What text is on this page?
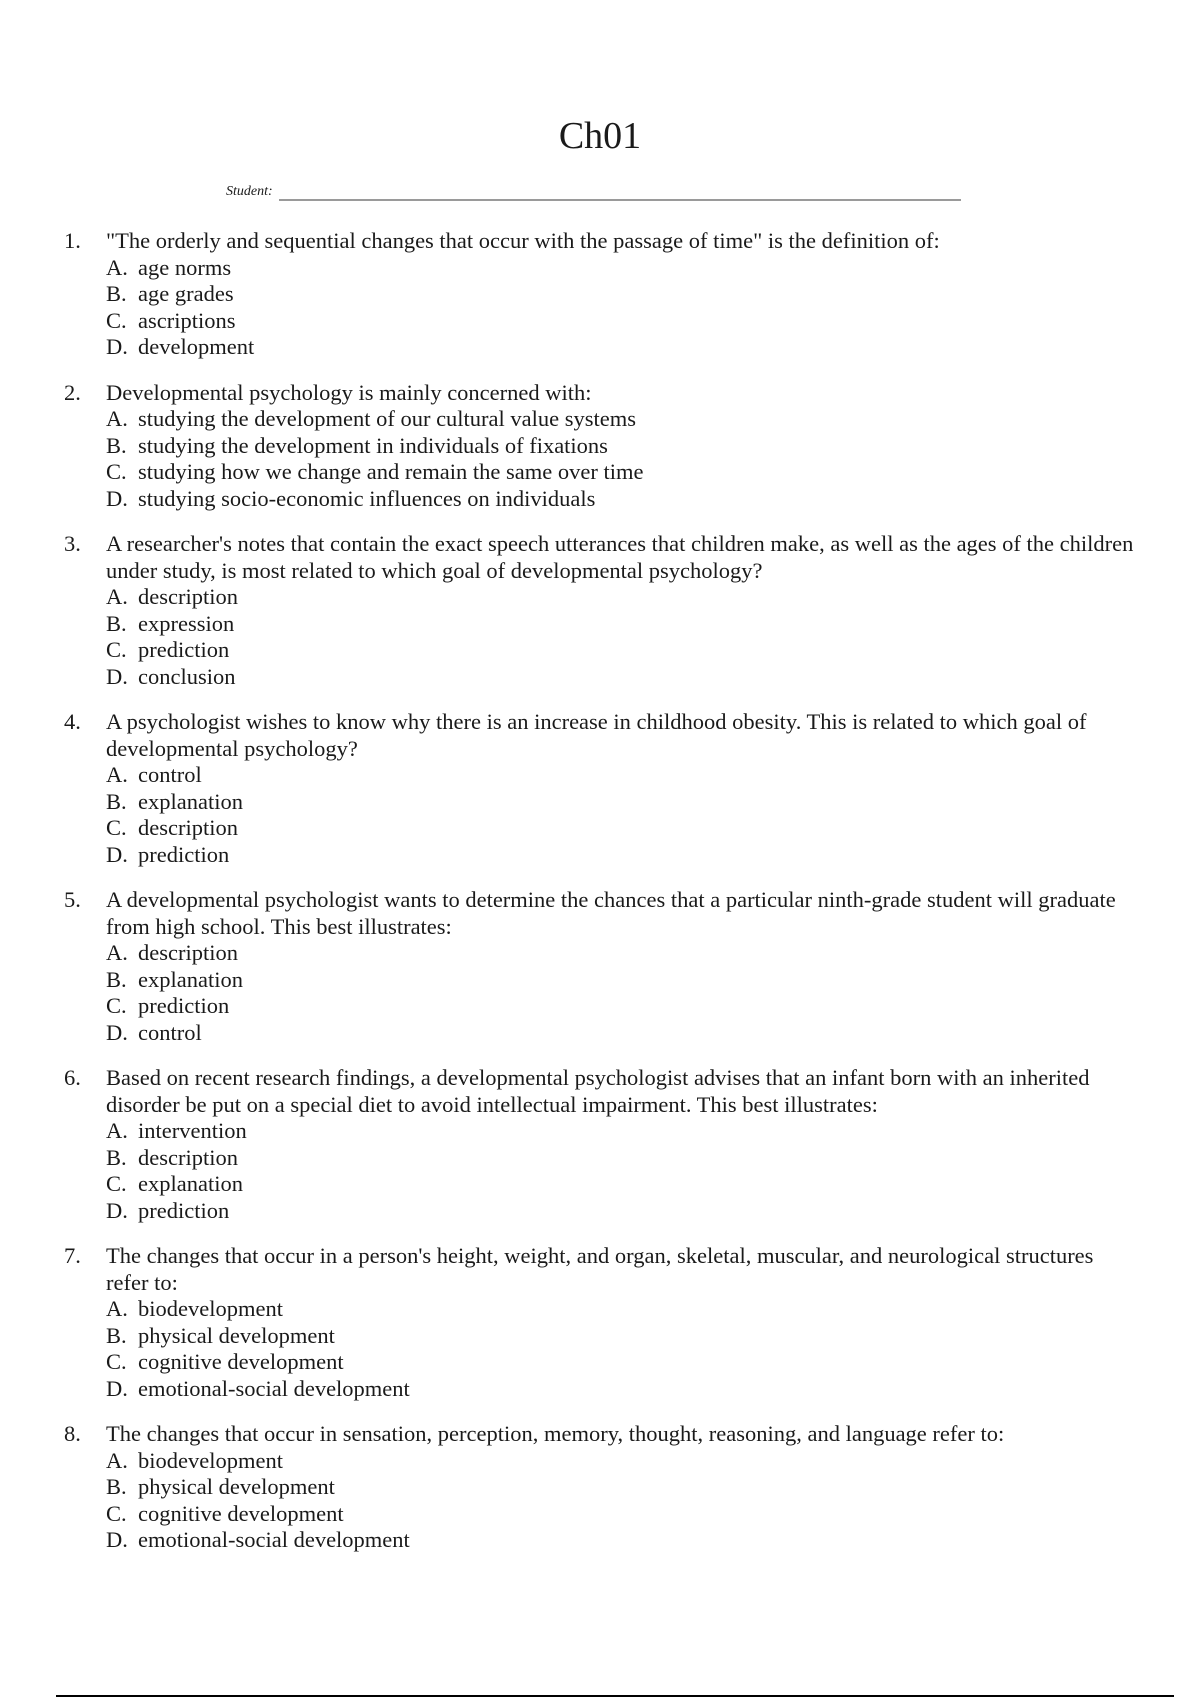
Ch01
Student:
1.	"The orderly and sequential changes that occur with the passage of time" is the definition of:
A. age norms
B. age grades
C. ascriptions
D. development
2.	Developmental psychology is mainly concerned with:
A. studying the development of our cultural value systems
B. studying the development in individuals of fixations
C. studying how we change and remain the same over time
D. studying socio-economic influences on individuals
3.	A researcher's notes that contain the exact speech utterances that children make, as well as the ages of the children under study, is most related to which goal of developmental psychology?
A. description
B. expression
C. prediction
D. conclusion
4.	A psychologist wishes to know why there is an increase in childhood obesity. This is related to which goal of developmental psychology?
A. control
B. explanation
C. description
D. prediction
5.	A developmental psychologist wants to determine the chances that a particular ninth-grade student will graduate from high school. This best illustrates:
A. description
B. explanation
C. prediction
D. control
6.	Based on recent research findings, a developmental psychologist advises that an infant born with an inherited disorder be put on a special diet to avoid intellectual impairment. This best illustrates:
A. intervention
B. description
C. explanation
D. prediction
7.	The changes that occur in a person's height, weight, and organ, skeletal, muscular, and neurological structures refer to:
A. biodevelopment
B. physical development
C. cognitive development
D. emotional-social development
8.	The changes that occur in sensation, perception, memory, thought, reasoning, and language refer to:
A. biodevelopment
B. physical development
C. cognitive development
D. emotional-social development
